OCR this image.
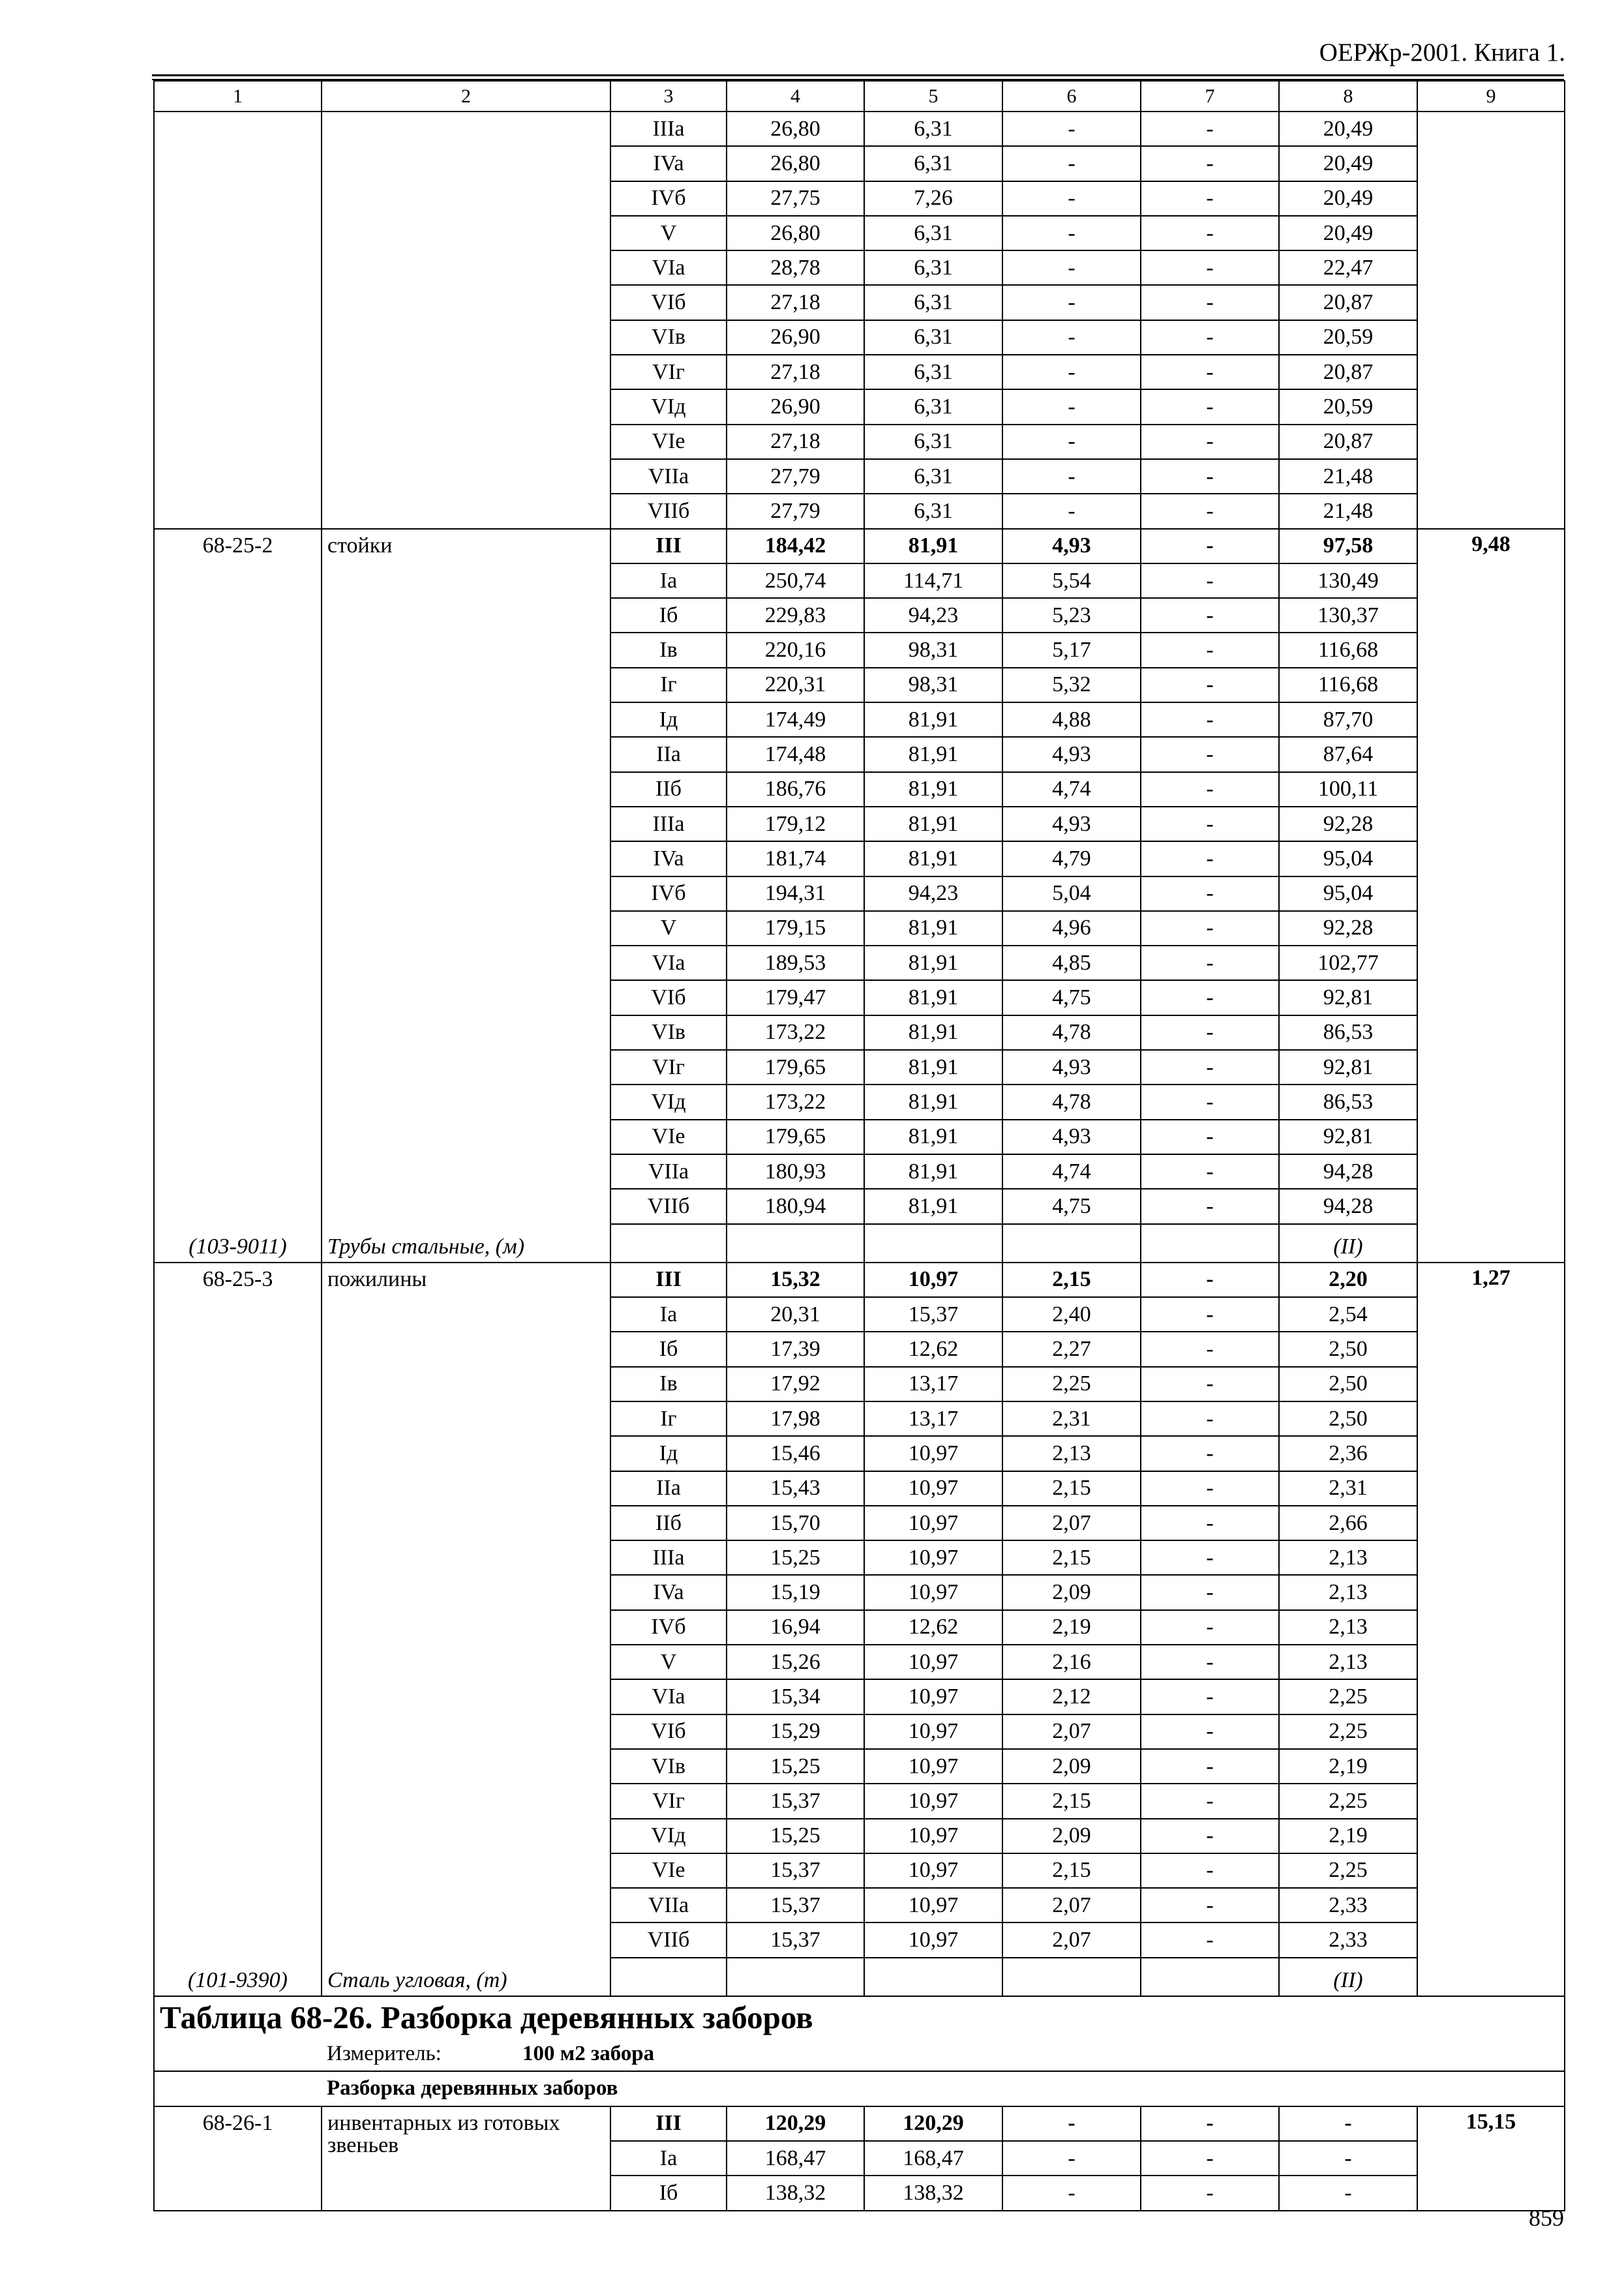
ОЕРЖр-2001. Книга 1.
1	2	3	4	5	6	7	8	9
		IIIa	26,80	6,31	-	-	20,49	
		IVa	26,80	6,31	-	-	20,49	
		IVб	27,75	7,26	-	-	20,49	
		V	26,80	6,31	-	-	20,49	
		VIa	28,78	6,31	-	-	22,47	
		VIб	27,18	6,31	-	-	20,87	
		VIв	26,90	6,31	-	-	20,59	
		VIг	27,18	6,31	-	-	20,87	
		VIд	26,90	6,31	-	-	20,59	
		VIe	27,18	6,31	-	-	20,87	
		VIIa	27,79	6,31	-	-	21,48	
		VIIб	27,79	6,31	-	-	21,48	
68-25-2	стойки	III	184,42	81,91	4,93	-	97,58	9,48
		Ia	250,74	114,71	5,54	-	130,49	
		Iб	229,83	94,23	5,23	-	130,37	
		Iв	220,16	98,31	5,17	-	116,68	
		Iг	220,31	98,31	5,32	-	116,68	
		Iд	174,49	81,91	4,88	-	87,70	
		IIa	174,48	81,91	4,93	-	87,64	
		IIб	186,76	81,91	4,74	-	100,11	
		IIIa	179,12	81,91	4,93	-	92,28	
		IVa	181,74	81,91	4,79	-	95,04	
		IVб	194,31	94,23	5,04	-	95,04	
		V	179,15	81,91	4,96	-	92,28	
		VIa	189,53	81,91	4,85	-	102,77	
		VIб	179,47	81,91	4,75	-	92,81	
		VIв	173,22	81,91	4,78	-	86,53	
		VIг	179,65	81,91	4,93	-	92,81	
		VIд	173,22	81,91	4,78	-	86,53	
		VIe	179,65	81,91	4,93	-	92,81	
		VIIa	180,93	81,91	4,74	-	94,28	
		VIIб	180,94	81,91	4,75	-	94,28	
(103-9011)	Трубы стальные, (м)						(II)	
68-25-3	пожилины	III	15,32	10,97	2,15	-	2,20	1,27
		Ia	20,31	15,37	2,40	-	2,54	
		Iб	17,39	12,62	2,27	-	2,50	
		Iв	17,92	13,17	2,25	-	2,50	
		Iг	17,98	13,17	2,31	-	2,50	
		Iд	15,46	10,97	2,13	-	2,36	
		IIa	15,43	10,97	2,15	-	2,31	
		IIб	15,70	10,97	2,07	-	2,66	
		IIIa	15,25	10,97	2,15	-	2,13	
		IVa	15,19	10,97	2,09	-	2,13	
		IVб	16,94	12,62	2,19	-	2,13	
		V	15,26	10,97	2,16	-	2,13	
		VIa	15,34	10,97	2,12	-	2,25	
		VIб	15,29	10,97	2,07	-	2,25	
		VIв	15,25	10,97	2,09	-	2,19	
		VIг	15,37	10,97	2,15	-	2,25	
		VIд	15,25	10,97	2,09	-	2,19	
		VIe	15,37	10,97	2,15	-	2,25	
		VIIa	15,37	10,97	2,07	-	2,33	
		VIIб	15,37	10,97	2,07	-	2,33	
(101-9390)	Сталь угловая, (т)						(II)	
Таблица 68-26. Разборка деревянных заборов								
	Измеритель: 100 м2 забора							
	Разборка деревянных заборов							
68-26-1	инвентарных из готовых звеньев	III	120,29	120,29	-	-	-	15,15
		Ia	168,47	168,47	-	-	-	
		Iб	138,32	138,32	-	-	-	
859
